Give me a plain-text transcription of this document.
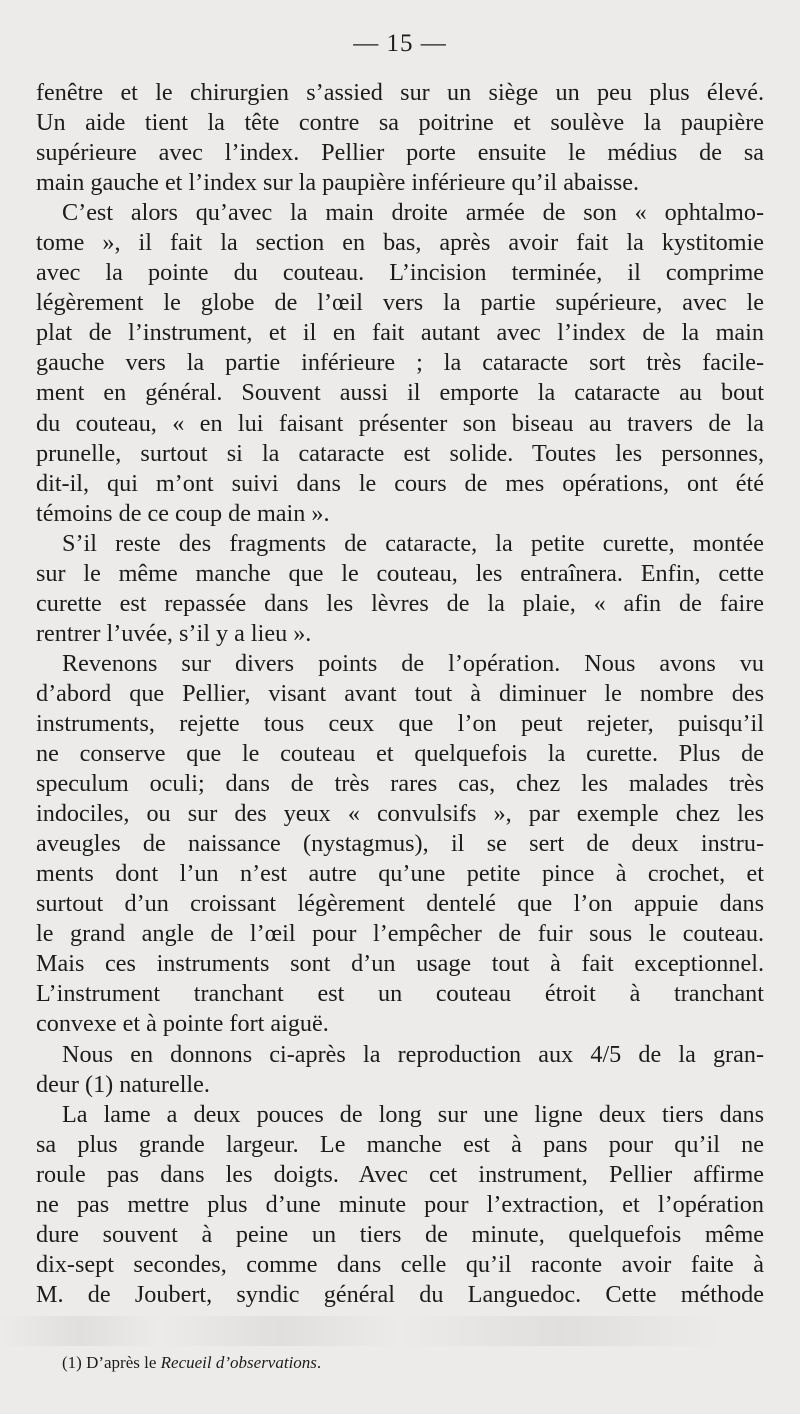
— 15 —
fenêtre et le chirurgien s’assied sur un siège un peu plus élevé.
Un aide tient la tête contre sa poitrine et soulève la paupière
supérieure avec l’index. Pellier porte ensuite le médius de sa
main gauche et l’index sur la paupière inférieure qu’il abaisse.
C’est alors qu’avec la main droite armée de son « ophtalmo-
tome », il fait la section en bas, après avoir fait la kystitomie
avec la pointe du couteau. L’incision terminée, il comprime
légèrement le globe de l’œil vers la partie supérieure, avec le
plat de l’instrument, et il en fait autant avec l’index de la main
gauche vers la partie inférieure ; la cataracte sort très facile-
ment en général. Souvent aussi il emporte la cataracte au bout
du couteau, « en lui faisant présenter son biseau au travers de la
prunelle, surtout si la cataracte est solide. Toutes les personnes,
dit-il, qui m’ont suivi dans le cours de mes opérations, ont été
témoins de ce coup de main ».
S’il reste des fragments de cataracte, la petite curette, montée
sur le même manche que le couteau, les entraînera. Enfin, cette
curette est repassée dans les lèvres de la plaie, « afin de faire
rentrer l’uvée, s’il y a lieu ».
Revenons sur divers points de l’opération. Nous avons vu
d’abord que Pellier, visant avant tout à diminuer le nombre des
instruments, rejette tous ceux que l’on peut rejeter, puisqu’il
ne conserve que le couteau et quelquefois la curette. Plus de
speculum oculi; dans de très rares cas, chez les malades très
indociles, ou sur des yeux « convulsifs », par exemple chez les
aveugles de naissance (nystagmus), il se sert de deux instru-
ments dont l’un n’est autre qu’une petite pince à crochet, et
surtout d’un croissant légèrement dentelé que l’on appuie dans
le grand angle de l’œil pour l’empêcher de fuir sous le couteau.
Mais ces instruments sont d’un usage tout à fait exceptionnel.
L’instrument tranchant est un couteau étroit à tranchant
convexe et à pointe fort aiguë.
Nous en donnons ci-après la reproduction aux 4/5 de la gran-
deur (1) naturelle.
La lame a deux pouces de long sur une ligne deux tiers dans
sa plus grande largeur. Le manche est à pans pour qu’il ne
roule pas dans les doigts. Avec cet instrument, Pellier affirme
ne pas mettre plus d’une minute pour l’extraction, et l’opération
dure souvent à peine un tiers de minute, quelquefois même
dix-sept secondes, comme dans celle qu’il raconte avoir faite à
M. de Joubert, syndic général du Languedoc. Cette méthode
(1) D’après le Recueil d’observations.
